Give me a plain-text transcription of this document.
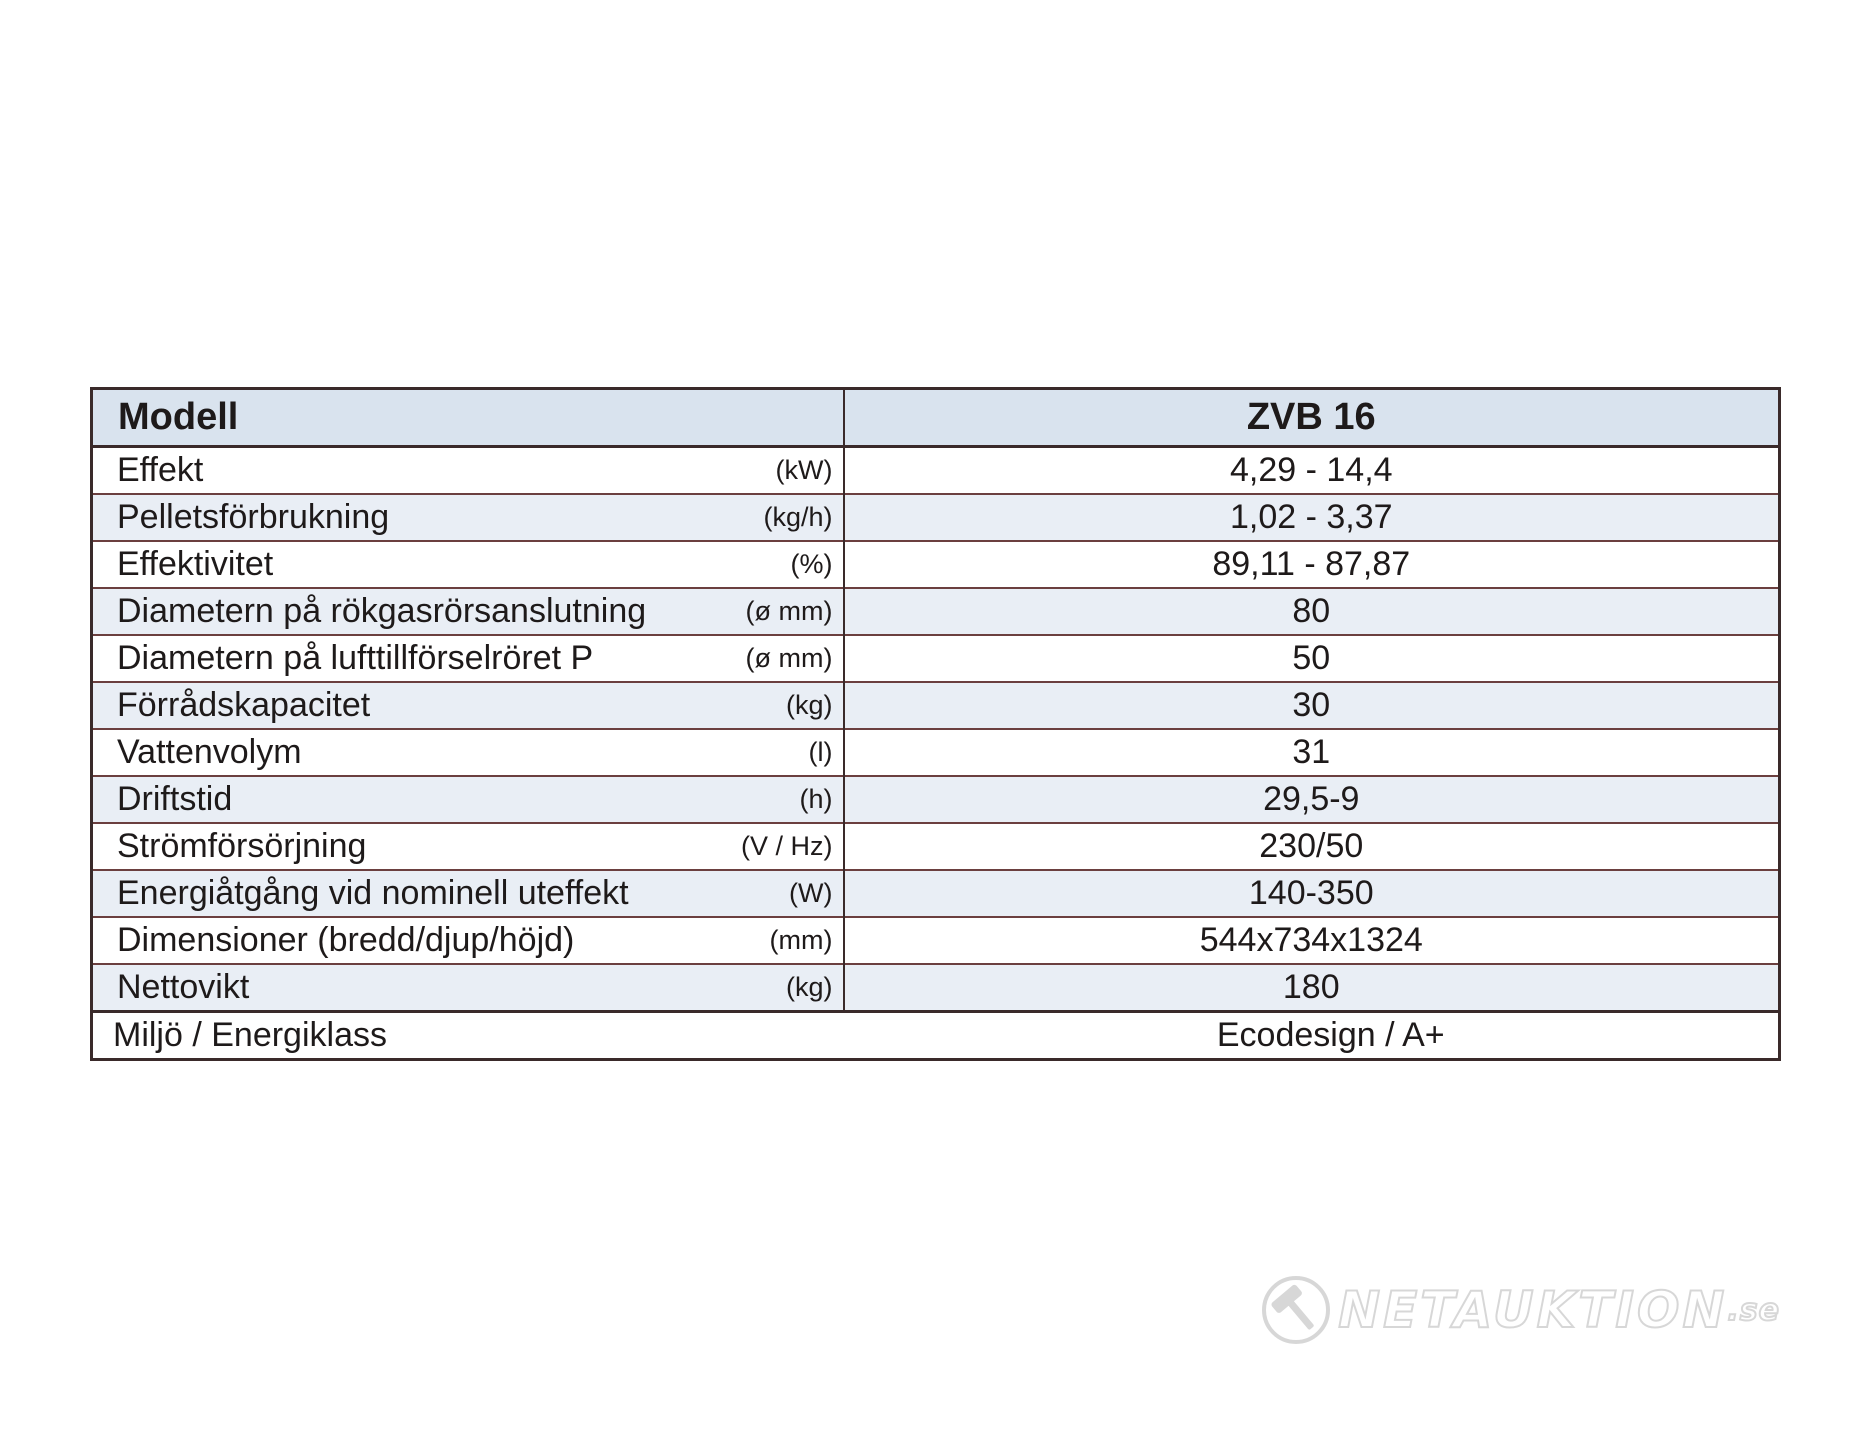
Modell		ZVB 16
Effekt	(kW)	4,29 - 14,4
Pelletsförbrukning	(kg/h)	1,02 - 3,37
Effektivitet	(%)	89,11 - 87,87
Diametern på rökgasrörsanslutning	(ø mm)	80
Diametern på lufttillförselröret P	(ø mm)	50
Förrådskapacitet	(kg)	30
Vattenvolym	(l)	31
Driftstid	(h)	29,5-9
Strömförsörjning	(V / Hz)	230/50
Energiåtgång vid nominell uteffekt	(W)	140-350
Dimensioner (bredd/djup/höjd)	(mm)	544x734x1324
Nettovikt	(kg)	180
Miljö / Energiklass		Ecodesign / A+
NETAUKTION .se
